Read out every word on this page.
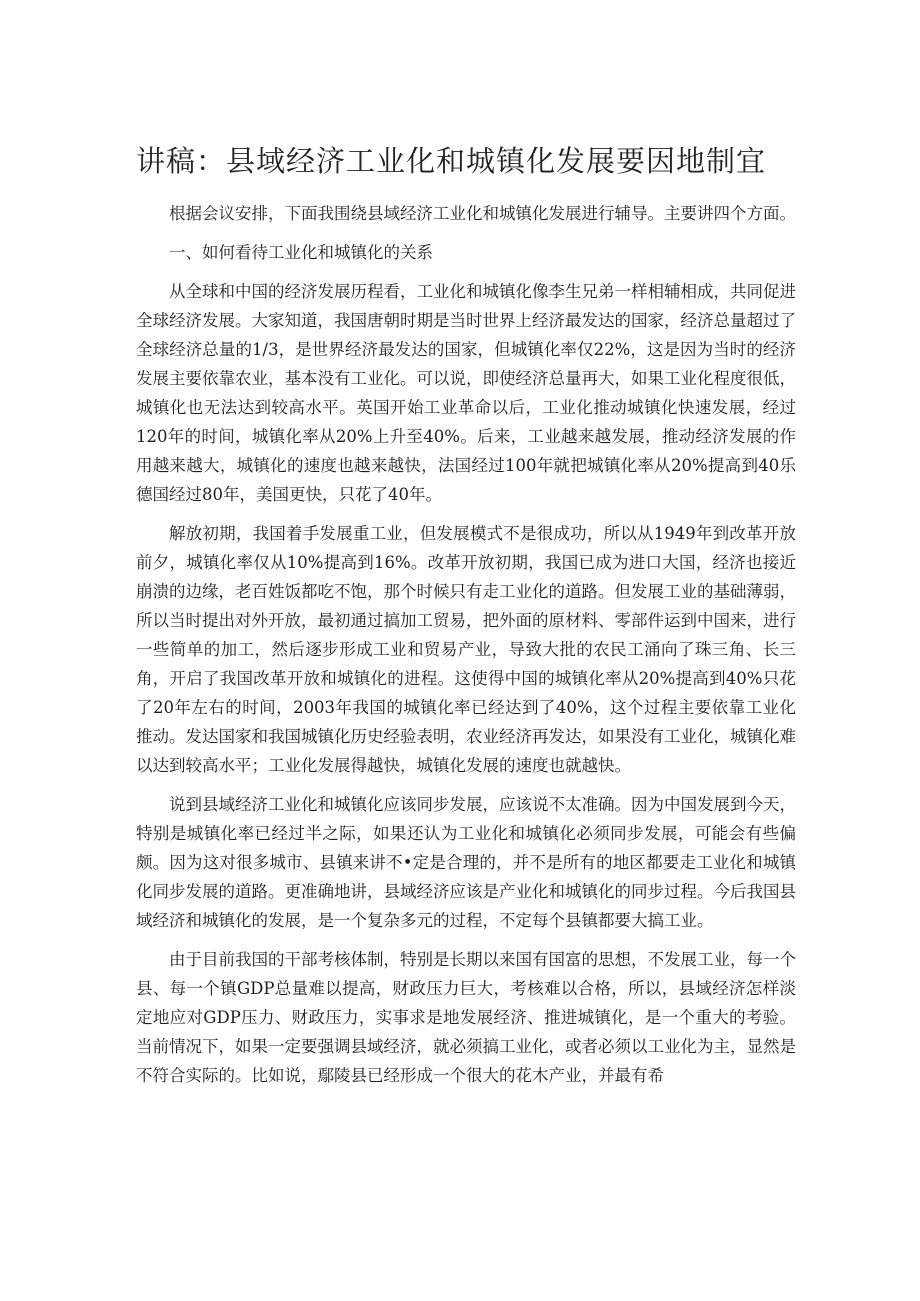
讲稿：县域经济工业化和城镇化发展要因地制宜

根据会议安排，下面我围绕县域经济工业化和城镇化发展进行辅导。主要讲四个方面。

一、如何看待工业化和城镇化的关系

从全球和中国的经济发展历程看，工业化和城镇化像李生兄弟一样相辅相成，共同促进全球经济发展。大家知道，我国唐朝时期是当时世界上经济最发达的国家，经济总量超过了全球经济总量的1/3，是世界经济最发达的国家，但城镇化率仅22%，这是因为当时的经济发展主要依靠农业，基本没有工业化。可以说，即使经济总量再大，如果工业化程度很低，城镇化也无法达到较高水平。英国开始工业革命以后，工业化推动城镇化快速发展，经过120年的时间，城镇化率从20%上升至40%。后来，工业越来越发展，推动经济发展的作用越来越大，城镇化的速度也越来越快，法国经过100年就把城镇化率从20%提高到40乐德国经过80年，美国更快，只花了40年。

解放初期，我国着手发展重工业，但发展模式不是很成功，所以从1949年到改革开放前夕，城镇化率仅从10%提高到16%。改革开放初期，我国已成为进口大国，经济也接近崩溃的边缘，老百姓饭都吃不饱，那个时候只有走工业化的道路。但发展工业的基础薄弱，所以当时提出对外开放，最初通过搞加工贸易，把外面的原材料、零部件运到中国来，进行一些简单的加工，然后逐步形成工业和贸易产业，导致大批的农民工涌向了珠三角、长三角，开启了我国改革开放和城镇化的进程。这使得中国的城镇化率从20%提高到40%只花了20年左右的时间，2003年我国的城镇化率已经达到了40%，这个过程主要依靠工业化推动。发达国家和我国城镇化历史经验表明，农业经济再发达，如果没有工业化，城镇化难以达到较高水平；工业化发展得越快，城镇化发展的速度也就越快。

说到县域经济工业化和城镇化应该同步发展，应该说不太准确。因为中国发展到今天，特别是城镇化率已经过半之际，如果还认为工业化和城镇化必须同步发展，可能会有些偏颇。因为这对很多城市、县镇来讲不•定是合理的，并不是所有的地区都要走工业化和城镇化同步发展的道路。更准确地讲，县域经济应该是产业化和城镇化的同步过程。今后我国县域经济和城镇化的发展，是一个复杂多元的过程，不定每个县镇都要大搞工业。

由于目前我国的干部考核体制，特别是长期以来国有国富的思想，不发展工业，每一个县、每一个镇GDP总量难以提高，财政压力巨大，考核难以合格，所以，县域经济怎样淡定地应对GDP压力、财政压力，实事求是地发展经济、推进城镇化，是一个重大的考验。当前情况下，如果一定要强调县域经济，就必须搞工业化，或者必须以工业化为主，显然是不符合实际的。比如说，鄢陵县已经形成一个很大的花木产业，并最有希
